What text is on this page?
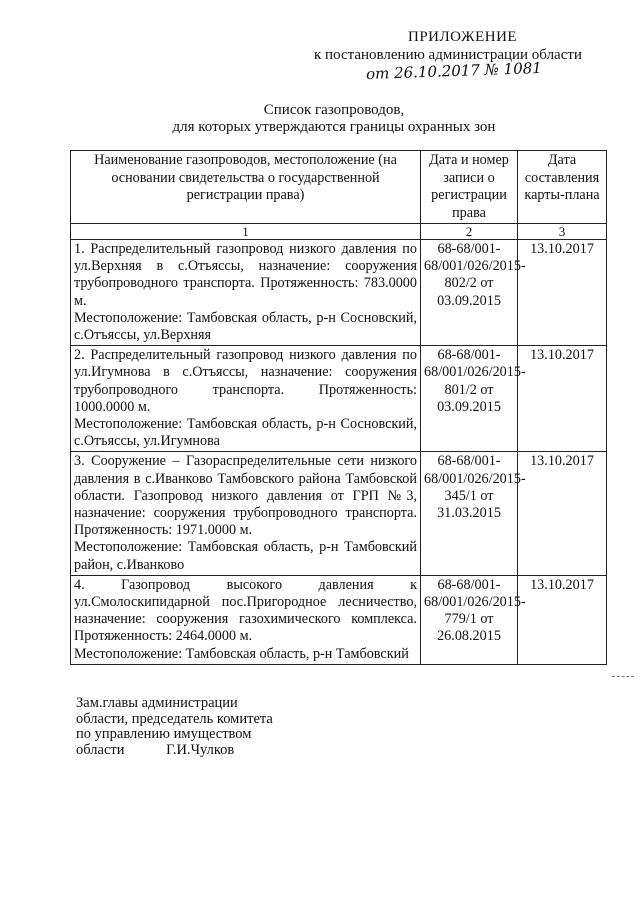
ПРИЛОЖЕНИЕ
к постановлению администрации области
от 26.10.2017 № 1081
Список газопроводов,
для которых утверждаются границы охранных зон
Наименование газопроводов, местоположение (на основании свидетельства о государственной регистрации права)	Дата и номер записи о регистрации права	Дата составления карты-плана
1	2	3
1. Распределительный газопровод низкого давления по ул.Верхняя в с.Отъяссы, назначение: сооружения трубопроводного транспорта. Протяженность: 783.0000 м.
Местоположение: Тамбовская область, р-н Сосновский, с.Отъяссы, ул.Верхняя	68-68/001-68/001/026/2015-802/2 от 03.09.2015	13.10.2017
2. Распределительный газопровод низкого давления по ул.Игумнова в с.Отъяссы, назначение: сооружения трубопроводного транспорта. Протяженность: 1000.0000 м.
Местоположение: Тамбовская область, р-н Сосновский, с.Отъяссы, ул.Игумнова	68-68/001-68/001/026/2015-801/2 от 03.09.2015	13.10.2017
3. Сооружение – Газораспределительные сети низкого давления в с.Иванково Тамбовского района Тамбовской области. Газопровод низкого давления от ГРП №3, назначение: сооружения трубопроводного транспорта. Протяженность: 1971.0000 м.
Местоположение: Тамбовская область, р-н Тамбовский район, с.Иванково	68-68/001-68/001/026/2015-345/1 от 31.03.2015	13.10.2017
4. Газопровод высокого давления к ул.Смолоскипидарной пос.Пригородное лесничество, назначение: сооружения газохимического комплекса. Протяженность: 2464.0000 м.
Местоположение: Тамбовская область, р-н Тамбовский	68-68/001-68/001/026/2015-779/1 от 26.08.2015	13.10.2017
Зам.главы администрации
области, председатель комитета
по управлению имуществом
области	Г.И.Чулков
